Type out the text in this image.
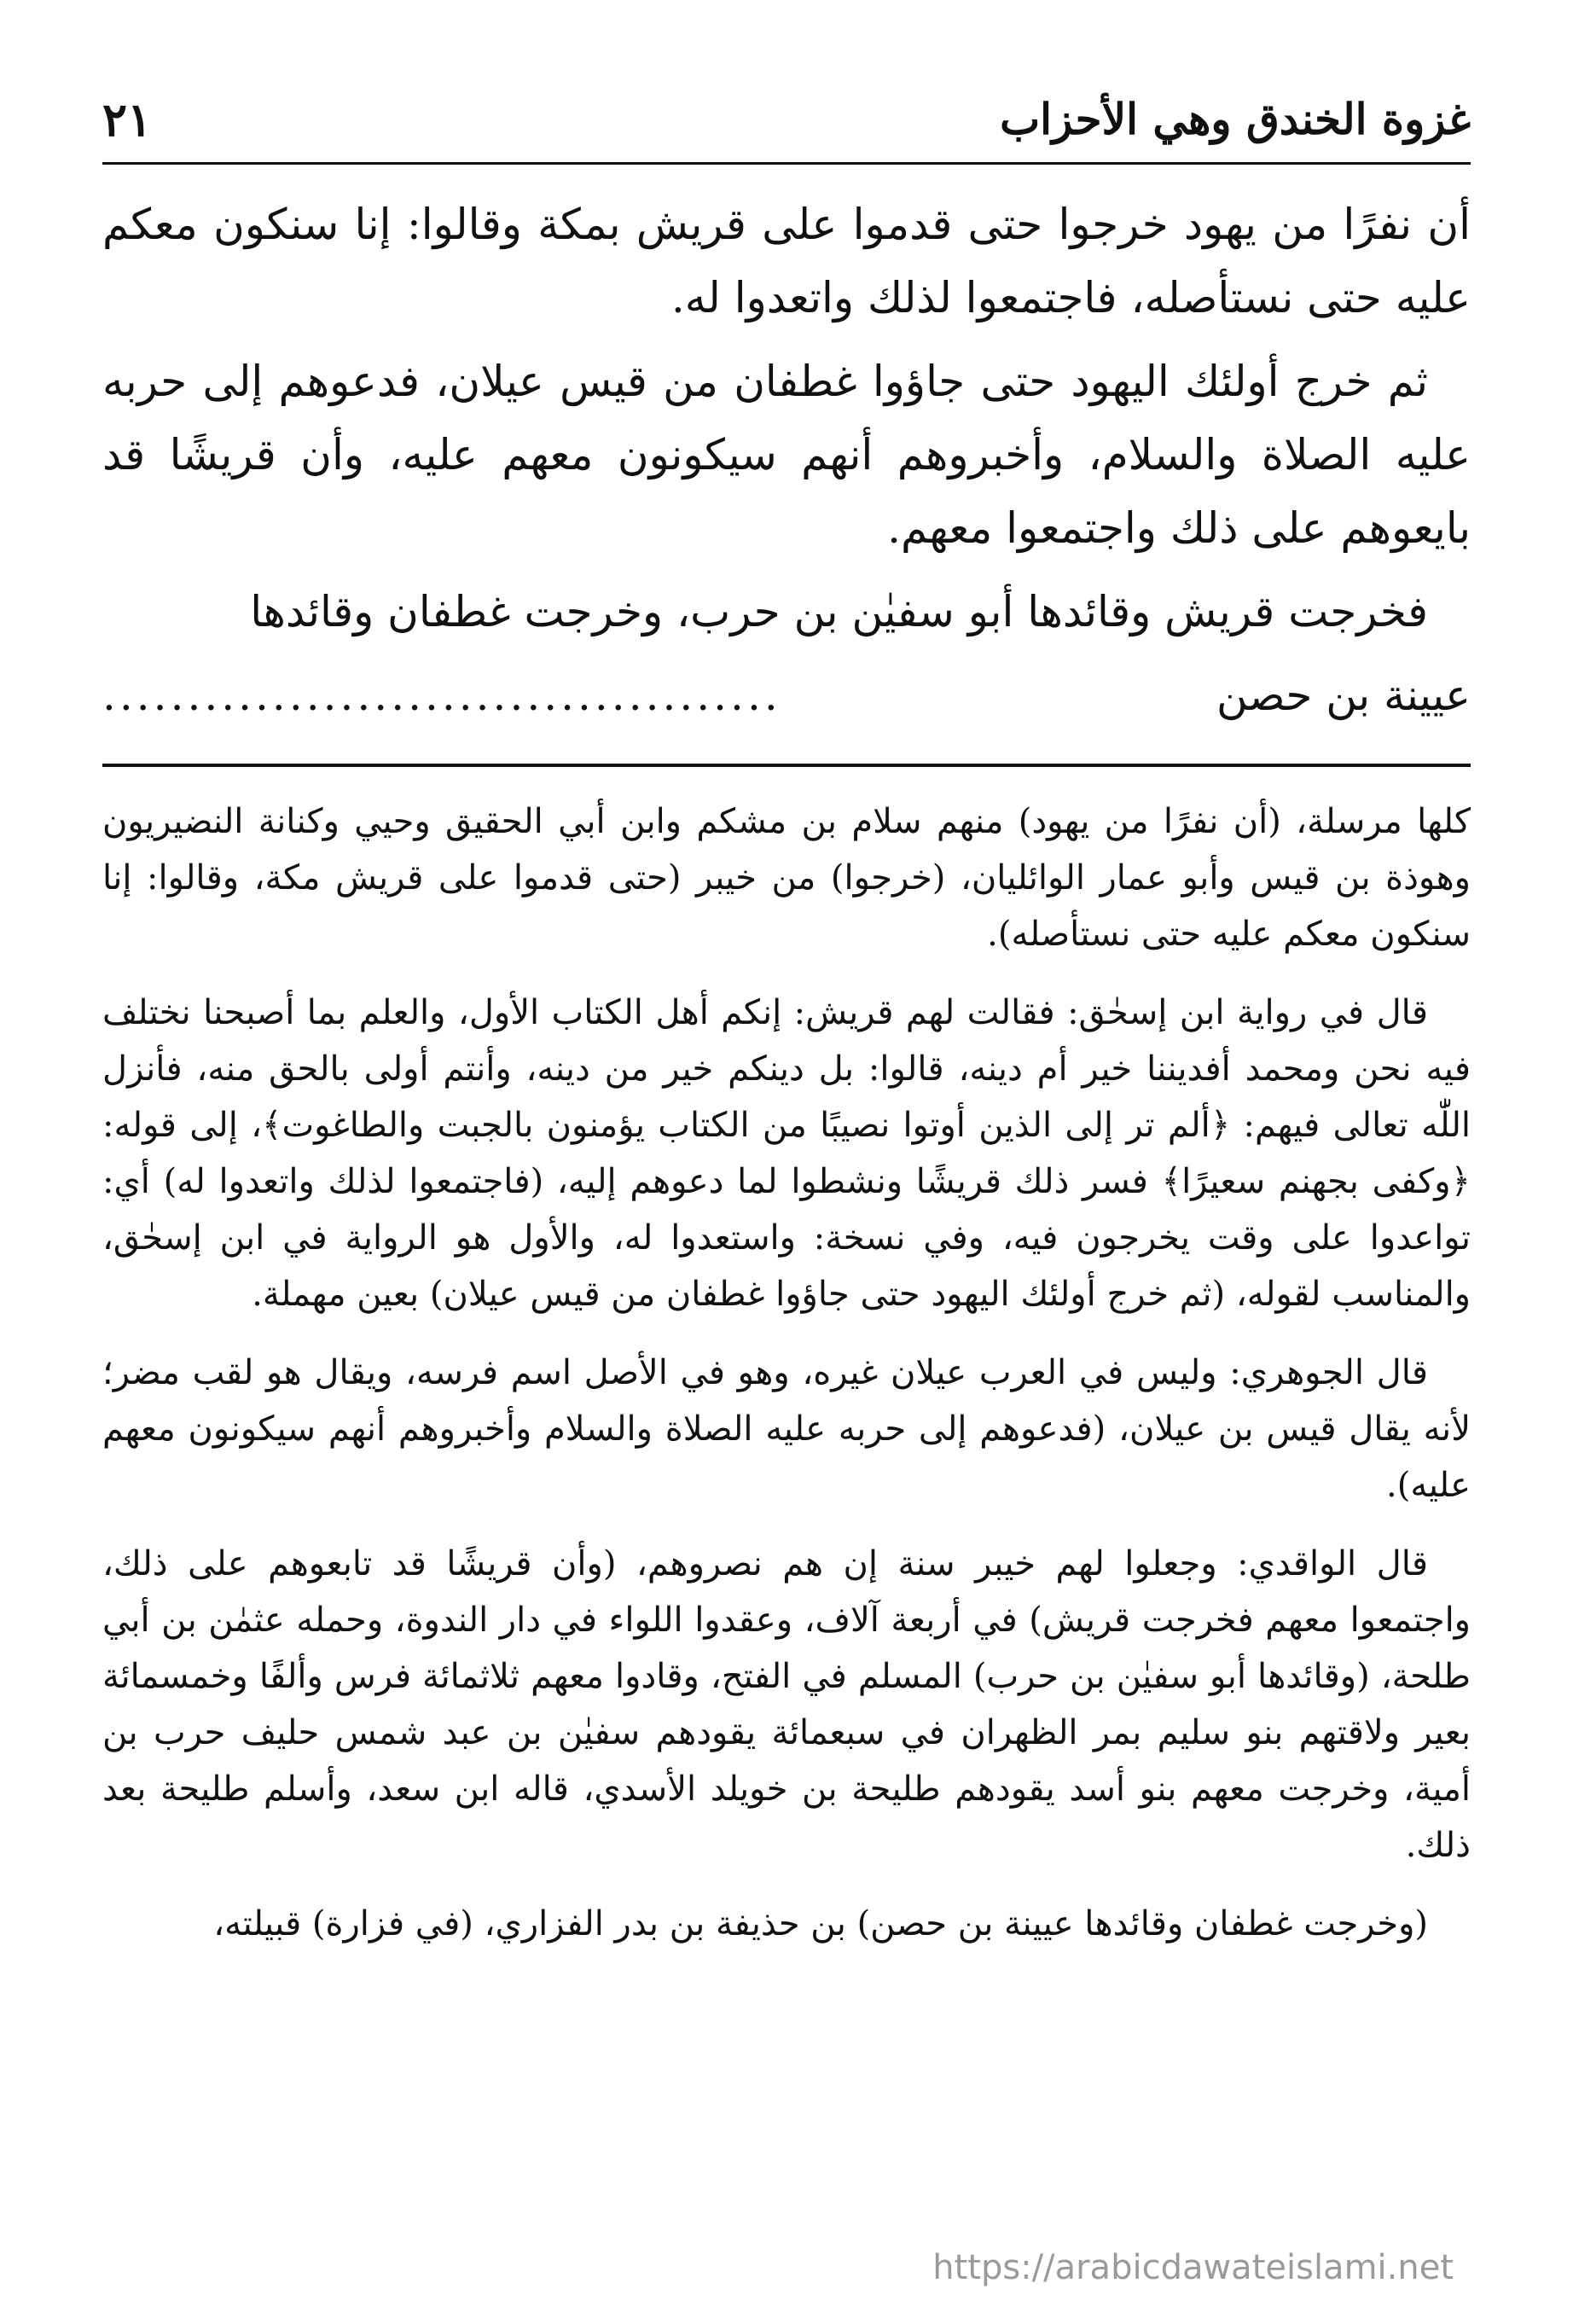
غزوة الخندق وهي الأحزاب
٢١

أن نفرًا من يهود خرجوا حتى قدموا على قريش بمكة وقالوا: إنا سنكون معكم عليه حتى نستأصله، فاجتمعوا لذلك واتعدوا له.

ثم خرج أولئك اليهود حتى جاؤوا غطفان من قيس عيلان، فدعوهم إلى حربه عليه الصلاة والسلام، وأخبروهم أنهم سيكونون معهم عليه، وأن قريشًا قد بايعوهم على ذلك واجتمعوا معهم.

فخرجت قريش وقائدها أبو سفيٰن بن حرب، وخرجت غطفان وقائدها

عيينة بن حصن
........................................

كلها مرسلة، (أن نفرًا من يهود) منهم سلام بن مشكم وابن أبي الحقيق وحيي وكنانة النضيريون وهوذة بن قيس وأبو عمار الوائليان، (خرجوا) من خيبر (حتى قدموا على قريش مكة، وقالوا: إنا سنكون معكم عليه حتى نستأصله).

قال في رواية ابن إسحٰق: فقالت لهم قريش: إنكم أهل الكتاب الأول، والعلم بما أصبحنا نختلف فيه نحن ومحمد أفديننا خير أم دينه، قالوا: بل دينكم خير من دينه، وأنتم أولى بالحق منه، فأنزل اللّٰه تعالى فيهم: ﴿ألم تر إلى الذين أوتوا نصيبًا من الكتاب يؤمنون بالجبت والطاغوت﴾، إلى قوله: ﴿وكفى بجهنم سعيرًا﴾ فسر ذلك قريشًا ونشطوا لما دعوهم إليه، (فاجتمعوا لذلك واتعدوا له) أي: تواعدوا على وقت يخرجون فيه، وفي نسخة: واستعدوا له، والأول هو الرواية في ابن إسحٰق، والمناسب لقوله، (ثم خرج أولئك اليهود حتى جاؤوا غطفان من قيس عيلان) بعين مهملة.

قال الجوهري: وليس في العرب عيلان غيره، وهو في الأصل اسم فرسه، ويقال هو لقب مضر؛ لأنه يقال قيس بن عيلان، (فدعوهم إلى حربه عليه الصلاة والسلام وأخبروهم أنهم سيكونون معهم عليه).

قال الواقدي: وجعلوا لهم خيبر سنة إن هم نصروهم، (وأن قريشًا قد تابعوهم على ذلك، واجتمعوا معهم فخرجت قريش) في أربعة آلاف، وعقدوا اللواء في دار الندوة، وحمله عثمٰن بن أبي طلحة، (وقائدها أبو سفيٰن بن حرب) المسلم في الفتح، وقادوا معهم ثلاثمائة فرس وألفًا وخمسمائة بعير ولاقتهم بنو سليم بمر الظهران في سبعمائة يقودهم سفيٰن بن عبد شمس حليف حرب بن أمية، وخرجت معهم بنو أسد يقودهم طليحة بن خويلد الأسدي، قاله ابن سعد، وأسلم طليحة بعد ذلك.

(وخرجت غطفان وقائدها عيينة بن حصن) بن حذيفة بن بدر الفزاري، (في فزارة) قبيلته،

https://arabicdawateislami.net
